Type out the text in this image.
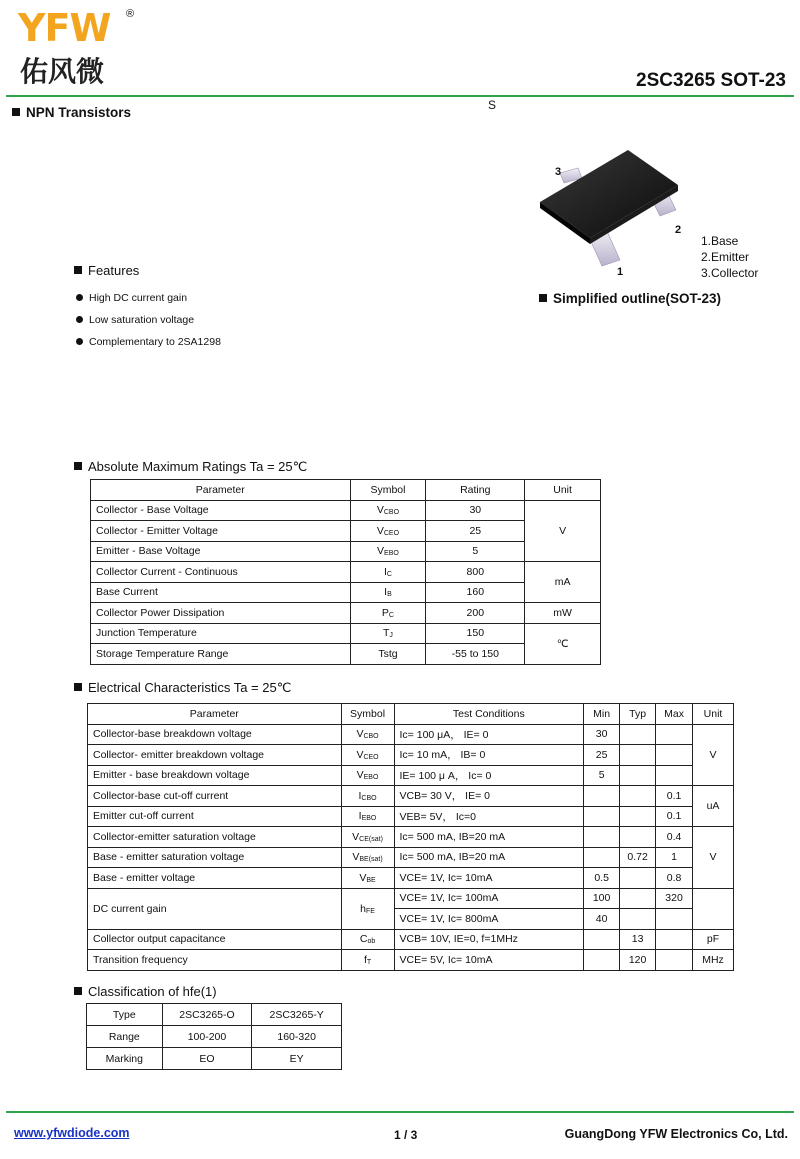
YFW ®
佑风微	2SC3265 SOT-23
NPN Transistors	S
3
2
1
1.Base
2.Emitter
3.Collector
Simplified outline(SOT-23)
Features
High DC current gain
Low saturation voltage
Complementary to 2SA1298
Absolute Maximum Ratings Ta = 25℃
Parameter	Symbol	Rating	Unit
Collector - Base Voltage	$V_{CBO}$	30	V
Collector - Emitter Voltage	$V_{CEO}$	25	
Emitter - Base Voltage	$V_{EBO}$	5	
Collector Current - Continuous	$I_C$	800	mA
Base Current	$I_B$	160	
Collector Power Dissipation	$P_C$	200	mW
Junction Temperature	$T_J$	150	℃
Storage Temperature Range	Tstg	-55 to 150	
Electrical Characteristics Ta = 25℃
Parameter	Symbol	Test Conditions	Min	Typ	Max	Unit
Collector-base breakdown voltage	$V_{CBO}$	Ic= 100 μA， IE= 0	30			V
Collector- emitter breakdown voltage	$V_{CEO}$	Ic= 10 mA， IB= 0	25			
Emitter - base breakdown voltage	$V_{EBO}$	IE= 100 μ A， Ic= 0	5			
Collector-base cut-off current	$I_{CBO}$	VCB= 30 V， IE= 0			0.1	uA
Emitter cut-off current	$I_{EBO}$	VEB= 5V， Ic=0			0.1	
Collector-emitter saturation voltage	$V_{CE(sat)}$	Ic= 500 mA, IB=20 mA			0.4	V
Base - emitter saturation voltage	$V_{BE(sat)}$	Ic= 500 mA, IB=20 mA		0.72	1	
Base - emitter voltage	$V_{BE}$	VCE= 1V, Ic= 10mA	0.5		0.8	
DC current gain	$h_{FE}$	VCE= 1V, Ic= 100mA	100		320	
		VCE= 1V, Ic= 800mA	40			
Collector output capacitance	$C_{ob}$	VCB= 10V, IE=0, f=1MHz		13		pF
Transition frequency	$f_T$	VCE= 5V, Ic= 10mA		120		MHz
Classification of hfe(1)
Type	2SC3265-O	2SC3265-Y
Range	100-200	160-320
Marking	EO	EY
www.yfwdiode.com	1 / 3	GuangDong YFW Electronics Co, Ltd.
